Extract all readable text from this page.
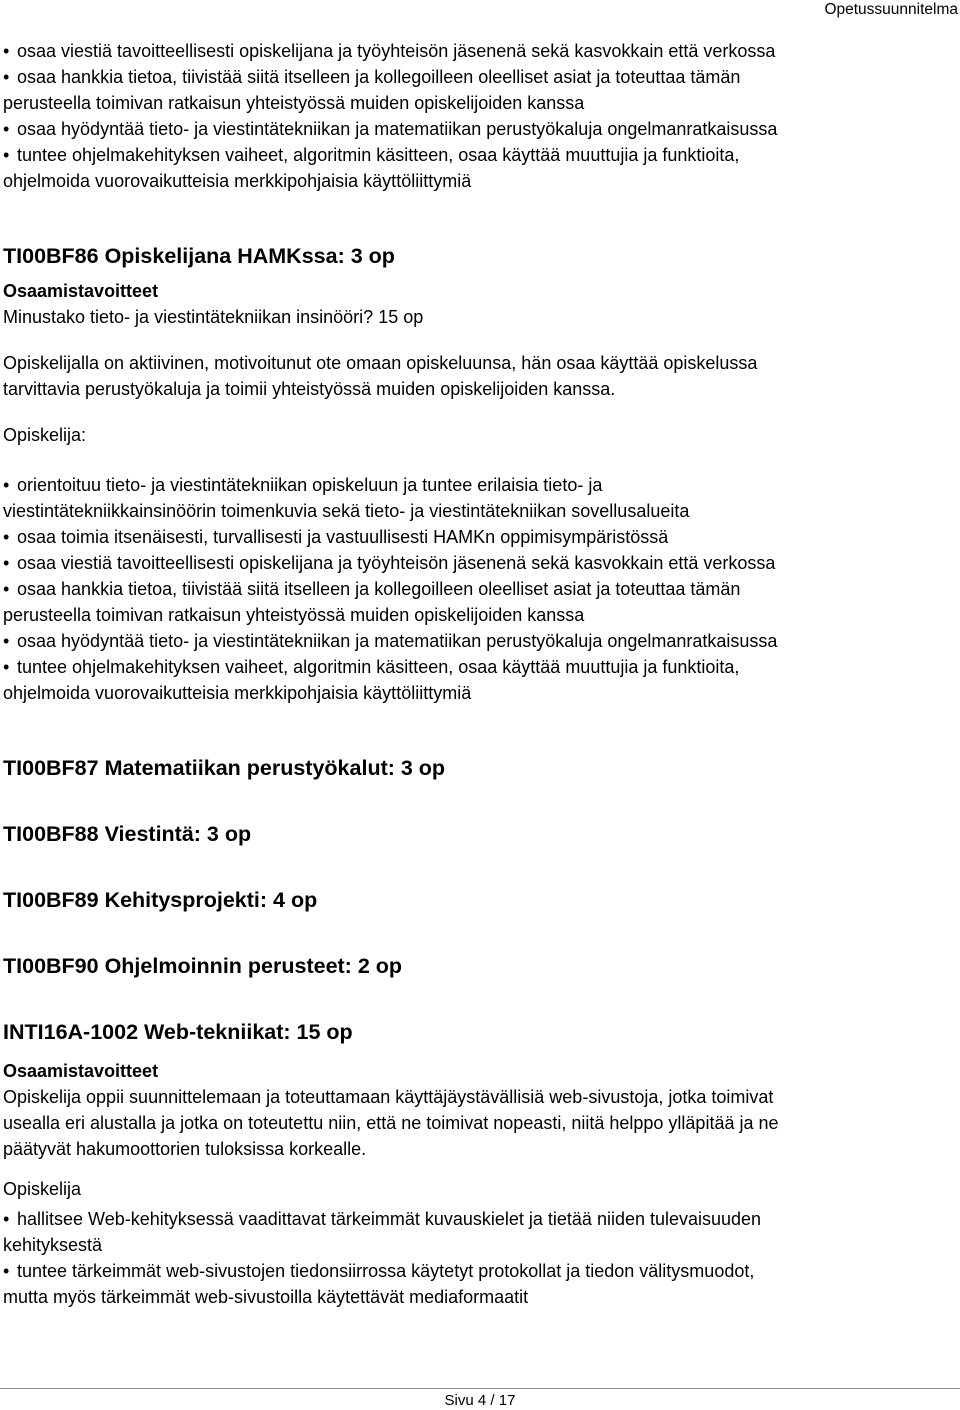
Opetussuunnitelma

• osaa viestiä tavoitteellisesti opiskelijana ja työyhteisön jäsenenä sekä kasvokkain että verkossa

• osaa hankkia tietoa, tiivistää siitä itselleen ja kollegoilleen oleelliset asiat ja toteuttaa tämän

perusteella toimivan ratkaisun yhteistyössä muiden opiskelijoiden kanssa

• osaa hyödyntää tieto- ja viestintätekniikan ja matematiikan perustyökaluja ongelmanratkaisussa

• tuntee ohjelmakehityksen vaiheet, algoritmin käsitteen, osaa käyttää muuttujia ja funktioita,

ohjelmoida vuorovaikutteisia merkkipohjaisia käyttöliittymiä

TI00BF86 Opiskelijana HAMKssa: 3 op

Osaamistavoitteet

Minustako tieto- ja viestintätekniikan insinööri? 15 op

Opiskelijalla on aktiivinen, motivoitunut ote omaan opiskeluunsa, hän osaa käyttää opiskelussa

tarvittavia perustyökaluja ja toimii yhteistyössä muiden opiskelijoiden kanssa.

Opiskelija:

• orientoituu tieto- ja viestintätekniikan opiskeluun ja tuntee erilaisia tieto- ja

viestintätekniikkainsinöörin toimenkuvia sekä tieto- ja viestintätekniikan sovellusalueita

• osaa toimia itsenäisesti, turvallisesti ja vastuullisesti HAMKn oppimisympäristössä

• osaa viestiä tavoitteellisesti opiskelijana ja työyhteisön jäsenenä sekä kasvokkain että verkossa

• osaa hankkia tietoa, tiivistää siitä itselleen ja kollegoilleen oleelliset asiat ja toteuttaa tämän

perusteella toimivan ratkaisun yhteistyössä muiden opiskelijoiden kanssa

• osaa hyödyntää tieto- ja viestintätekniikan ja matematiikan perustyökaluja ongelmanratkaisussa

• tuntee ohjelmakehityksen vaiheet, algoritmin käsitteen, osaa käyttää muuttujia ja funktioita,

ohjelmoida vuorovaikutteisia merkkipohjaisia käyttöliittymiä

TI00BF87 Matematiikan perustyökalut: 3 op
TI00BF88 Viestintä: 3 op
TI00BF89 Kehitysprojekti: 4 op
TI00BF90 Ohjelmoinnin perusteet: 2 op
INTI16A-1002 Web-tekniikat: 15 op

Osaamistavoitteet

Opiskelija oppii suunnittelemaan ja toteuttamaan käyttäjäystävällisiä web-sivustoja, jotka toimivat

usealla eri alustalla ja jotka on toteutettu niin, että ne toimivat nopeasti, niitä helppo ylläpitää ja ne

päätyvät hakumoottorien tuloksissa korkealle.

Opiskelija

• hallitsee Web-kehityksessä vaadittavat tärkeimmät kuvauskielet ja tietää niiden tulevaisuuden

kehityksestä

• tuntee tärkeimmät web-sivustojen tiedonsiirrossa käytetyt protokollat ja tiedon välitysmuodot,

mutta myös tärkeimmät web-sivustoilla käytettävät mediaformaatit

Sivu 4 / 17
